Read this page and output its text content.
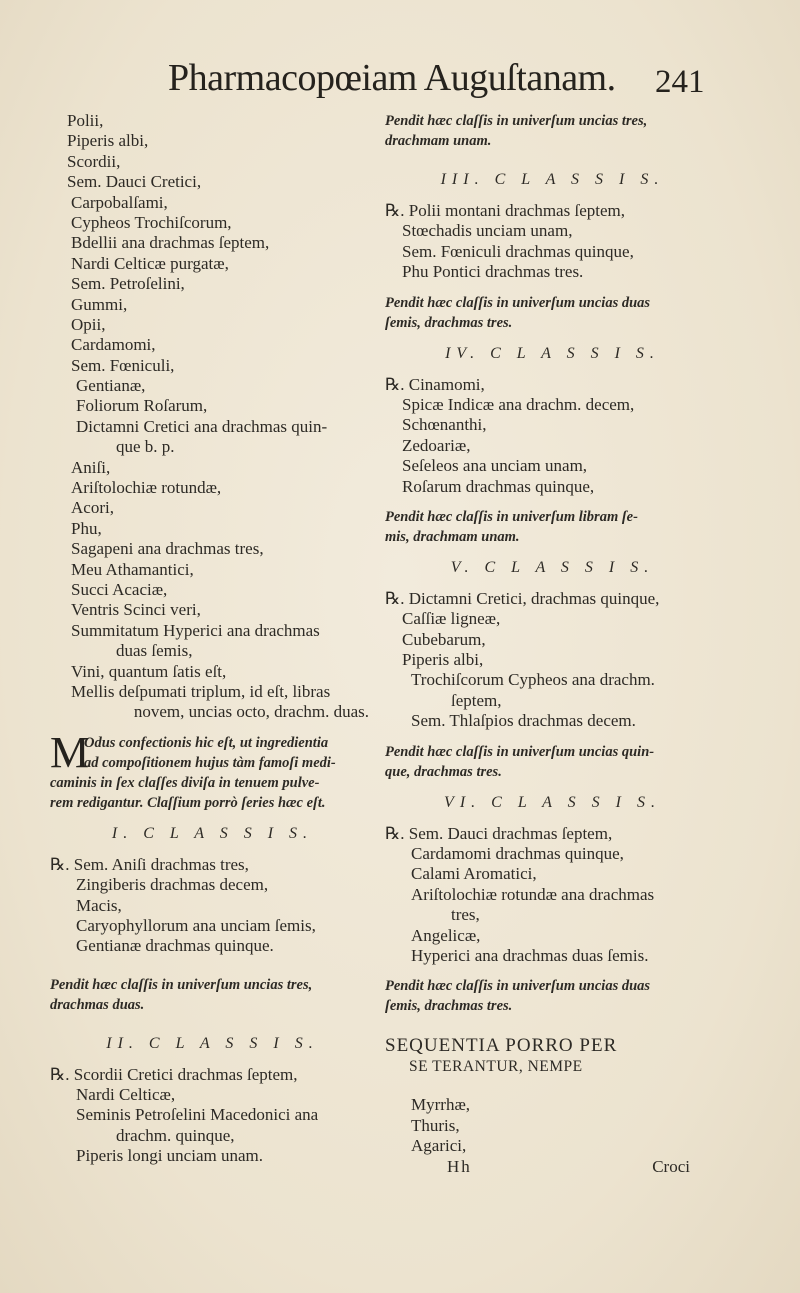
Pharmacopœiam Auguſtanam. 241
Polii,
Piperis albi,
Scordii,
Sem. Dauci Cretici,
Carpobalſami,
Cypheos Trochiſcorum,
Bdellii ana drachmas ſeptem,
Nardi Celticæ purgatæ,
Sem. Petroſelini,
Gummi,
Opii,
Cardamomi,
Sem. Fœniculi,
Gentianæ,
Foliorum Roſarum,
Dictamni Cretici ana drachmas quin-
que b. p.
Aniſi,
Ariſtolochiæ rotundæ,
Acori,
Phu,
Sagapeni ana drachmas tres,
Meu Athamantici,
Succi Acaciæ,
Ventris Scinci veri,
Summitatum Hyperici ana drachmas
duas ſemis,
Vini, quantum ſatis eſt,
Mellis deſpumati triplum, id eſt, libras
novem, uncias octo, drachm. duas.
M
Odus confectionis hic eſt, ut ingredientia
ad compoſitionem hujus tàm famoſi medi-
caminis in ſex claſſes diviſa in tenuem pulve-
rem redigantur. Claſſium porrò ſeries hæc eſt.
I. C L A S S I S.
℞. Sem. Aniſi drachmas tres,
Zingiberis drachmas decem,
Macis,
Caryophyllorum ana unciam ſemis,
Gentianæ drachmas quinque.
Pendit hæc claſſis in univerſum uncias tres,
drachmas duas.
II. C L A S S I S.
℞. Scordii Cretici drachmas ſeptem,
Nardi Celticæ,
Seminis Petroſelini Macedonici ana
drachm. quinque,
Piperis longi unciam unam.
Pendit hæc claſſis in univerſum uncias tres,
drachmam unam.
III. C L A S S I S.
℞. Polii montani drachmas ſeptem,
Stœchadis unciam unam,
Sem. Fœniculi drachmas quinque,
Phu Pontici drachmas tres.
Pendit hæc claſſis in univerſum uncias duas
ſemis, drachmas tres.
IV. C L A S S I S.
℞. Cinamomi,
Spicæ Indicæ ana drachm. decem,
Schœnanthi,
Zedoariæ,
Seſeleos ana unciam unam,
Roſarum drachmas quinque,
Pendit hæc claſſis in univerſum libram ſe-
mis, drachmam unam.
V. C L A S S I S.
℞. Dictamni Cretici, drachmas quinque,
Caſſiæ ligneæ,
Cubebarum,
Piperis albi,
Trochiſcorum Cypheos ana drachm.
ſeptem,
Sem. Thlaſpios drachmas decem.
Pendit hæc claſſis in univerſum uncias quin-
que, drachmas tres.
VI. C L A S S I S.
℞. Sem. Dauci drachmas ſeptem,
Cardamomi drachmas quinque,
Calami Aromatici,
Ariſtolochiæ rotundæ ana drachmas
tres,
Angelicæ,
Hyperici ana drachmas duas ſemis.
Pendit hæc claſſis in univerſum uncias duas
ſemis, drachmas tres.
SEQUENTIA PORRO PER
SE TERANTUR, NEMPE
Myrrhæ,
Thuris,
Agarici,
Hh	Croci
